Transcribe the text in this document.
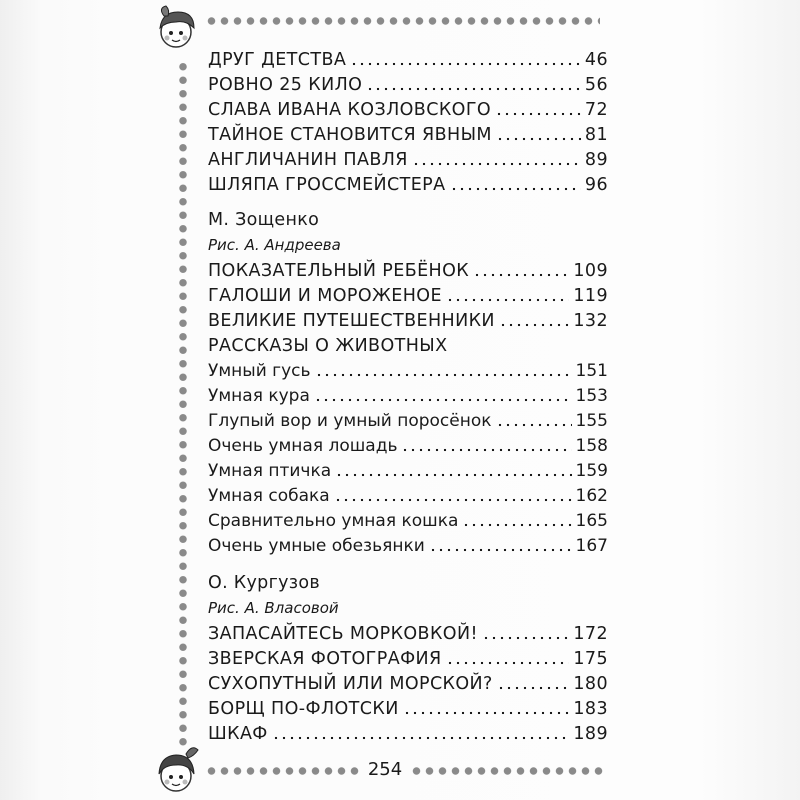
ДРУГ ДЕТСТВА	46
РОВНО 25 КИЛО	56
СЛАВА ИВАНА КОЗЛОВСКОГО	72
ТАЙНОЕ СТАНОВИТСЯ ЯВНЫМ	81
АНГЛИЧАНИН ПАВЛЯ	89
ШЛЯПА ГРОССМЕЙСТЕРА	96
М. Зощенко
Рис. А. Андреева
ПОКАЗАТЕЛЬНЫЙ РЕБЁНОК	109
ГАЛОШИ И МОРОЖЕНОЕ	119
ВЕЛИКИЕ ПУТЕШЕСТВЕННИКИ	132
РАССКАЗЫ О ЖИВОТНЫХ
Умный гусь	151
Умная кура	153
Глупый вор и умный поросёнок	155
Очень умная лошадь	158
Умная птичка	159
Умная собака	162
Сравнительно умная кошка	165
Очень умные обезьянки	167
О. Кургузов
Рис. А. Власовой
ЗАПАСАЙТЕСЬ МОРКОВКОЙ!	172
ЗВЕРСКАЯ ФОТОГРАФИЯ	175
СУХОПУТНЫЙ ИЛИ МОРСКОЙ?	180
БОРЩ ПО-ФЛОТСКИ	183
ШКАФ	189
254
